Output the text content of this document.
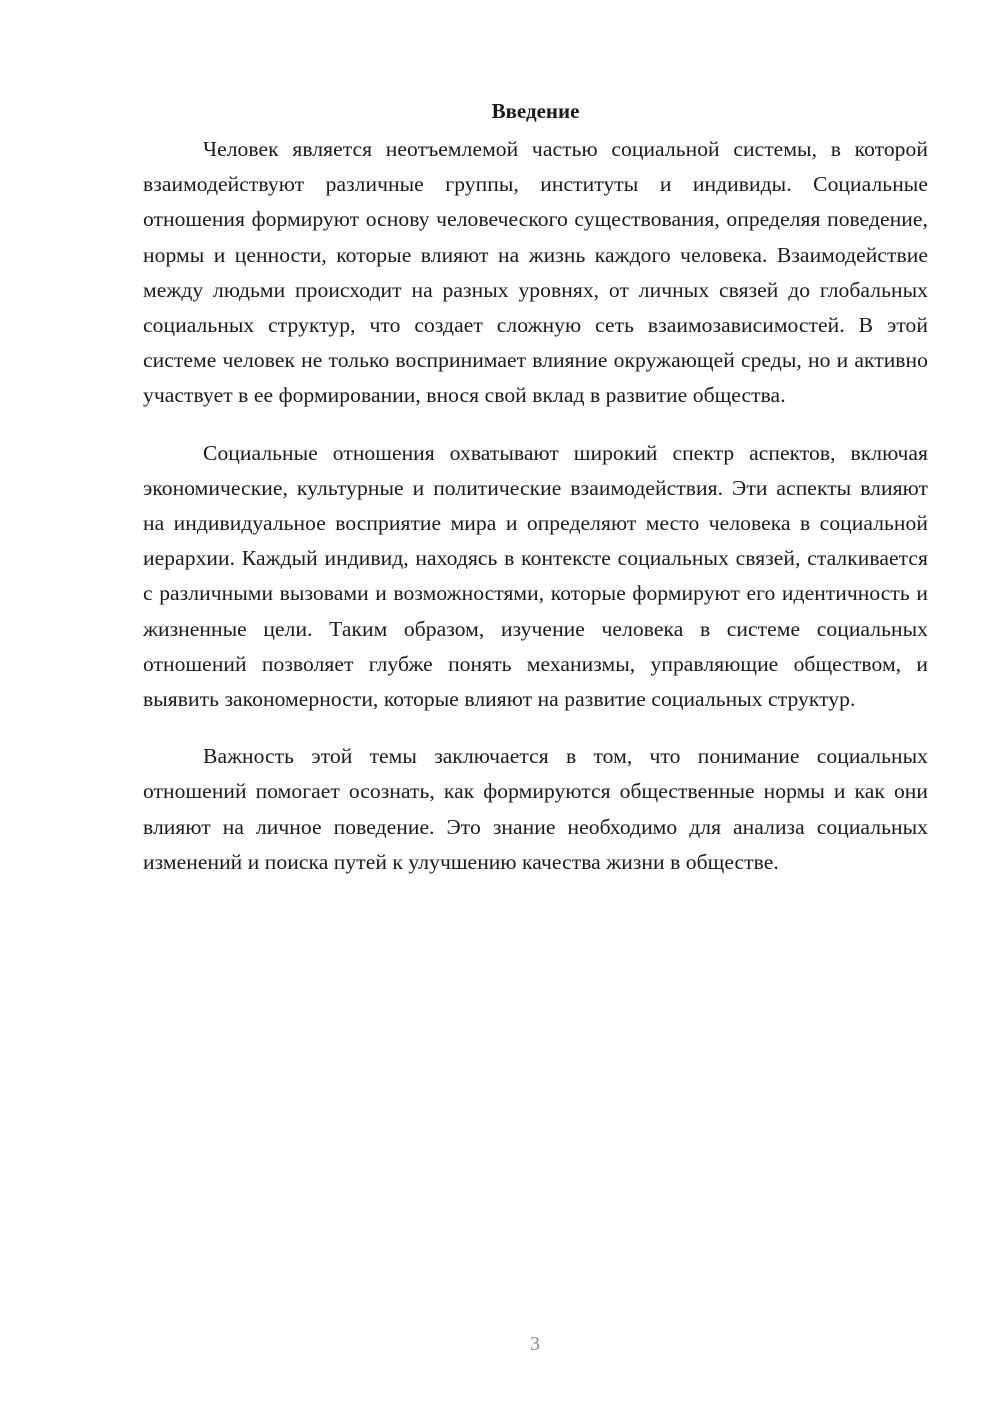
Введение

Человек является неотъемлемой частью социальной системы, в которой взаимодействуют различные группы, институты и индивиды. Социальные отношения формируют основу человеческого существования, определяя поведение, нормы и ценности, которые влияют на жизнь каждого человека. Взаимодействие между людьми происходит на разных уровнях, от личных связей до глобальных социальных структур, что создает сложную сеть взаимозависимостей. В этой системе человек не только воспринимает влияние окружающей среды, но и активно участвует в ее формировании, внося свой вклад в развитие общества.

Социальные отношения охватывают широкий спектр аспектов, включая экономические, культурные и политические взаимодействия. Эти аспекты влияют на индивидуальное восприятие мира и определяют место человека в социальной иерархии. Каждый индивид, находясь в контексте социальных связей, сталкивается с различными вызовами и возможностями, которые формируют его идентичность и жизненные цели. Таким образом, изучение человека в системе социальных отношений позволяет глубже понять механизмы, управляющие обществом, и выявить закономерности, которые влияют на развитие социальных структур.

Важность этой темы заключается в том, что понимание социальных отношений помогает осознать, как формируются общественные нормы и как они влияют на личное поведение. Это знание необходимо для анализа социальных изменений и поиска путей к улучшению качества жизни в обществе.

3
